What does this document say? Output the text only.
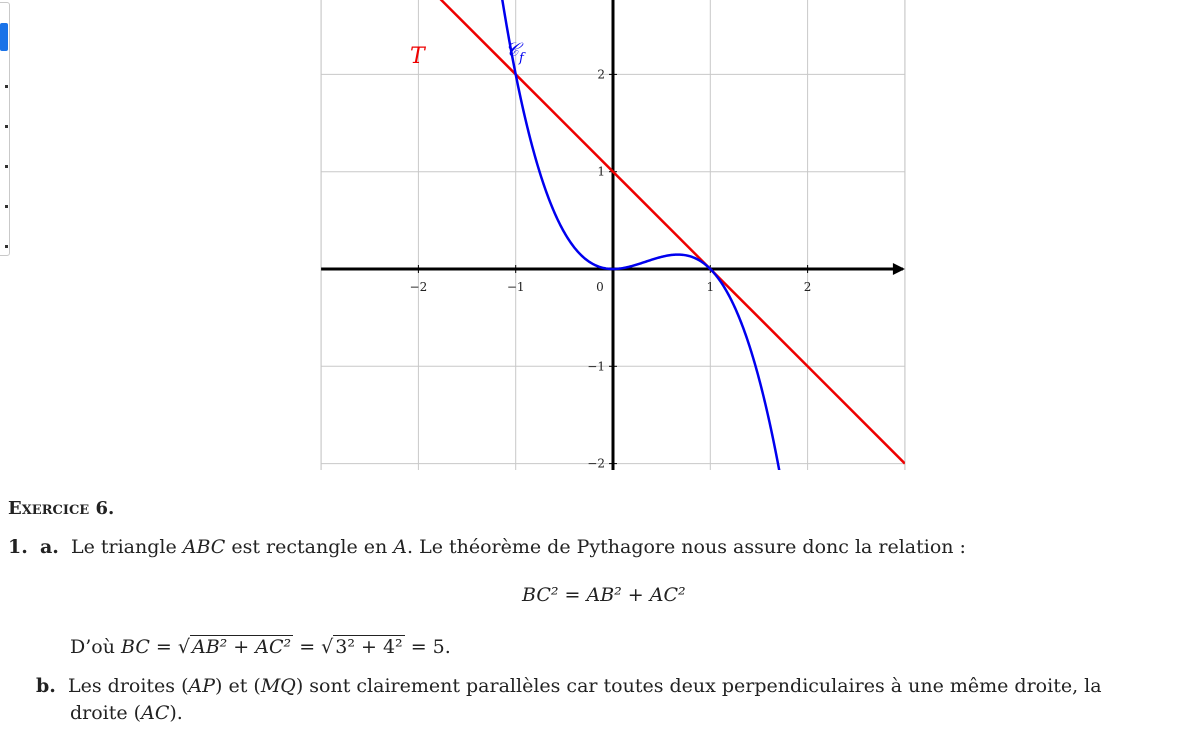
−2	−1	0	1	2
2
1
−1
−2
T	𝒞 f
Exercice 6.
1. a. Le triangle ABC est rectangle en A. Le théorème de Pythagore nous assure donc la relation :
BC² = AB² + AC²
D’où BC = √ AB² + AC² = √ 3² + 4² = 5.
b. Les droites (AP) et (MQ) sont clairement parallèles car toutes deux perpendiculaires à une même droite, la
droite (AC).
